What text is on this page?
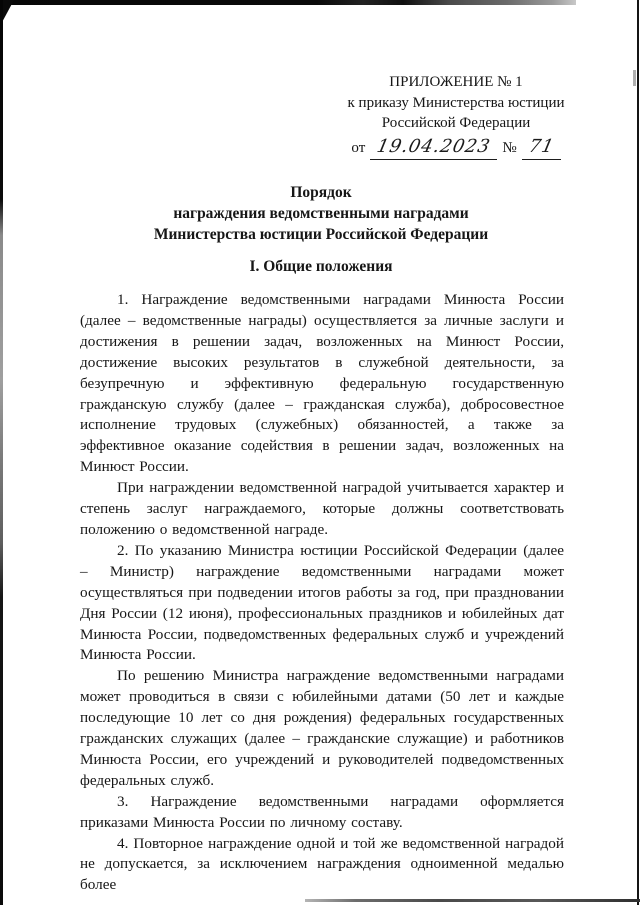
ПРИЛОЖЕНИЕ № 1
к приказу Министерства юстиции
Российской Федерации
от 19.04.2023 № 71
Порядок
награждения ведомственными наградами
Министерства юстиции Российской Федерации
I. Общие положения

1. Награждение ведомственными наградами Минюста России (далее – ведомственные награды) осуществляется за личные заслуги и достижения в решении задач, возложенных на Минюст России, достижение высоких результатов в служебной деятельности, за безупречную и эффективную федеральную государственную гражданскую службу (далее – гражданская служба), добросовестное исполнение трудовых (служебных) обязанностей, а также за эффективное оказание содействия в решении задач, возложенных на Минюст России.

При награждении ведомственной наградой учитывается характер и степень заслуг награждаемого, которые должны соответствовать положению о ведомственной награде.

2. По указанию Министра юстиции Российской Федерации (далее – Министр) награждение ведомственными наградами может осуществляться при подведении итогов работы за год, при праздновании Дня России (12 июня), профессиональных праздников и юбилейных дат Минюста России, подведомственных федеральных служб и учреждений Минюста России.

По решению Министра награждение ведомственными наградами может проводиться в связи с юбилейными датами (50 лет и каждые последующие 10 лет со дня рождения) федеральных государственных гражданских служащих (далее – гражданские служащие) и работников Минюста России, его учреждений и руководителей подведомственных федеральных служб.

3. Награждение ведомственными наградами оформляется приказами Минюста России по личному составу.

4. Повторное награждение одной и той же ведомственной наградой не допускается, за исключением награждения одноименной медалью более
